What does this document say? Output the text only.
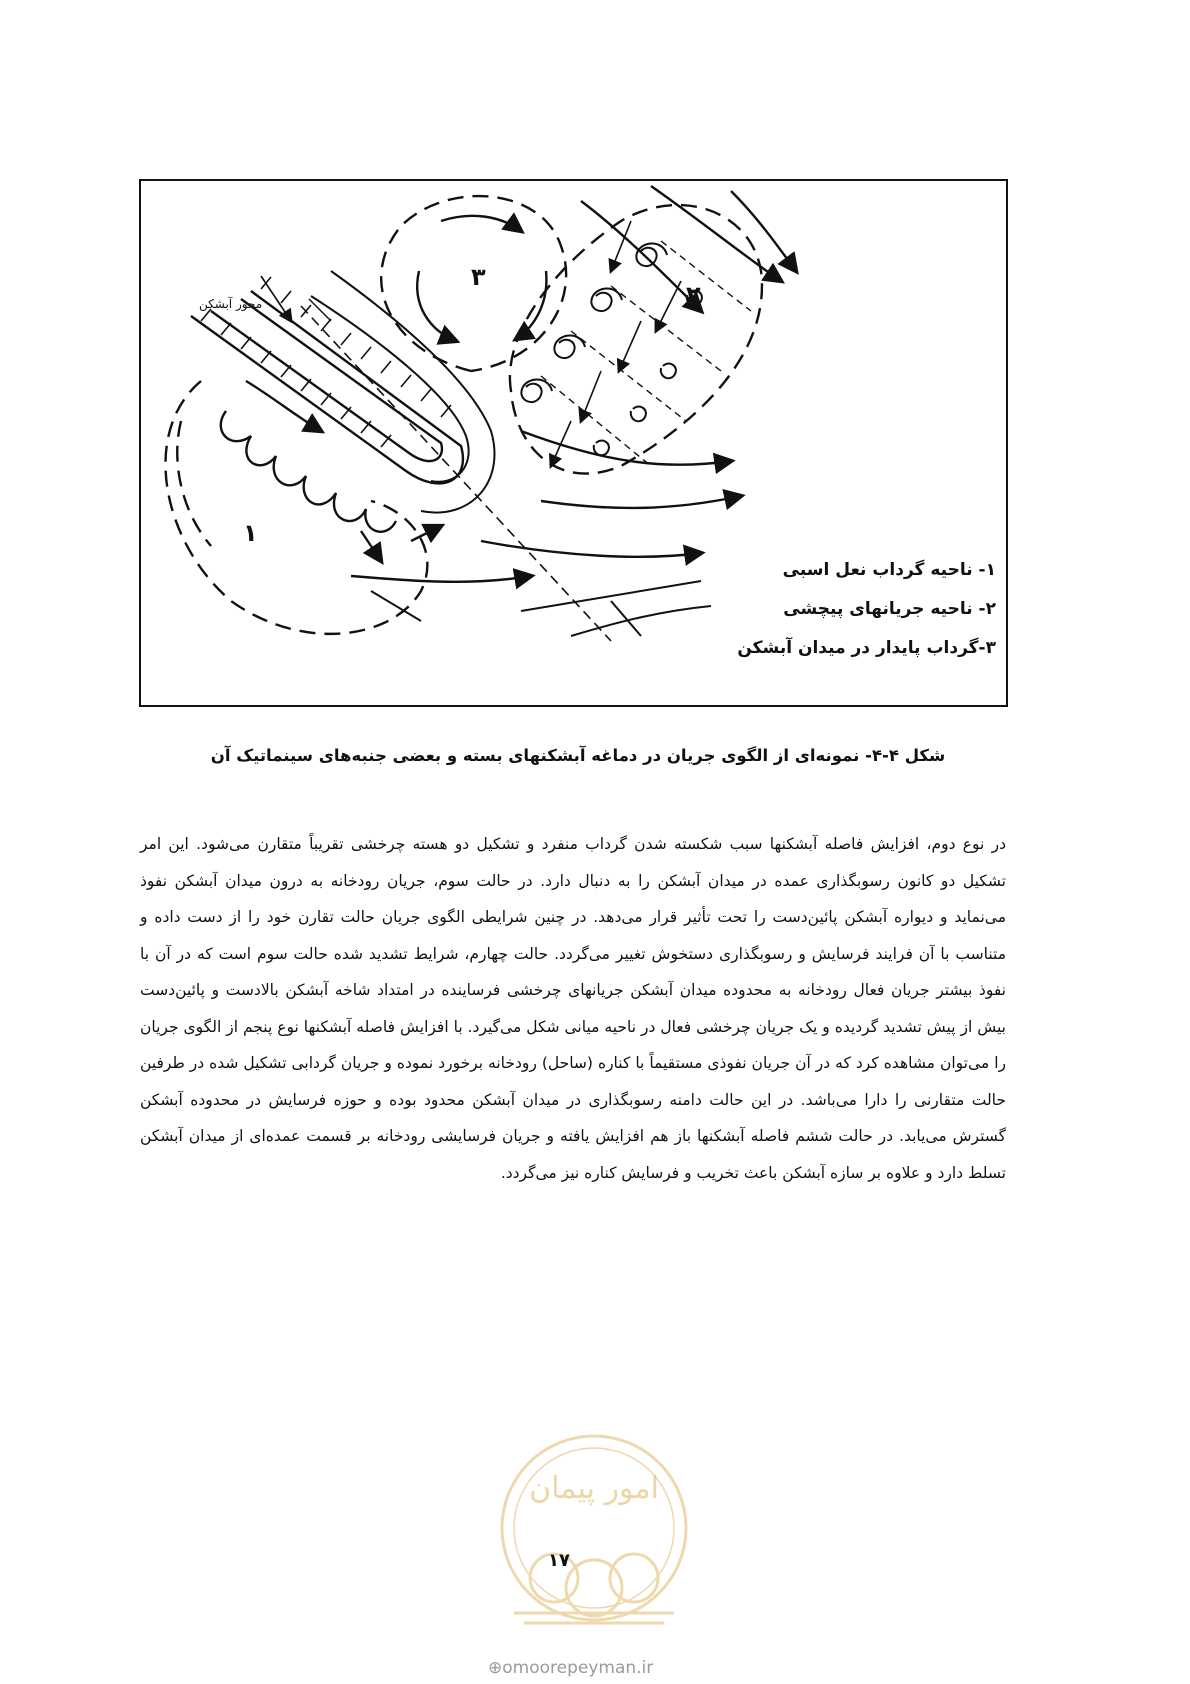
محور آبشکن
۱
۲
۳
۱- ناحیه گرداب نعل اسبی
۲- ناحیه جریانهای پیچشی
۳-گرداب پایدار در میدان آبشکن
شکل ۴-۴- نمونه‌ای از الگوی جریان در دماغه آبشکنهای بسته و بعضی جنبه‌های سینماتیک آن

در نوع دوم، افزایش فاصله آبشکنها سبب شکسته شدن گرداب منفرد و تشکیل دو هسته چرخشی تقریباً متقارن می‌شود. این امر تشکیل دو کانون رسوبگذاری عمده در میدان آبشکن را به دنبال دارد. در حالت سوم، جریان رودخانه به درون میدان آبشکن نفوذ می‌نماید و دیواره آبشکن پائین‌دست را تحت تأثیر قرار می‌دهد. در چنین شرایطی الگوی جریان حالت تقارن خود را از دست داده و متناسب با آن فرایند فرسایش و رسوبگذاری دستخوش تغییر می‌گردد. حالت چهارم، شرایط تشدید شده حالت سوم است که در آن با نفوذ بیشتر جریان فعال رودخانه به محدوده میدان آبشکن جریانهای چرخشی فرساینده در امتداد شاخه آبشکن بالادست و پائین‌دست بیش از پیش تشدید گردیده و یک جریان چرخشی فعال در ناحیه میانی شکل می‌گیرد. با افزایش فاصله آبشکنها نوع پنجم از الگوی جریان را می‌توان مشاهده کرد که در آن جریان نفوذی مستقیماً با کناره (ساحل) رودخانه برخورد نموده و جریان گردابی تشکیل شده در طرفین حالت متقارنی را دارا می‌باشد. در این حالت دامنه رسوبگذاری در میدان آبشکن محدود بوده و حوزه فرسایش در محدوده آبشکن گسترش می‌یابد. در حالت ششم فاصله آبشکنها باز هم افزایش یافته و جریان فرسایشی رودخانه بر قسمت عمده‌ای از میدان آبشکن تسلط دارد و علاوه بر سازه آبشکن باعث تخریب و فرسایش کناره نیز می‌گردد.

امور پیمان
۱۷
⊕omoorepeyman.ir
